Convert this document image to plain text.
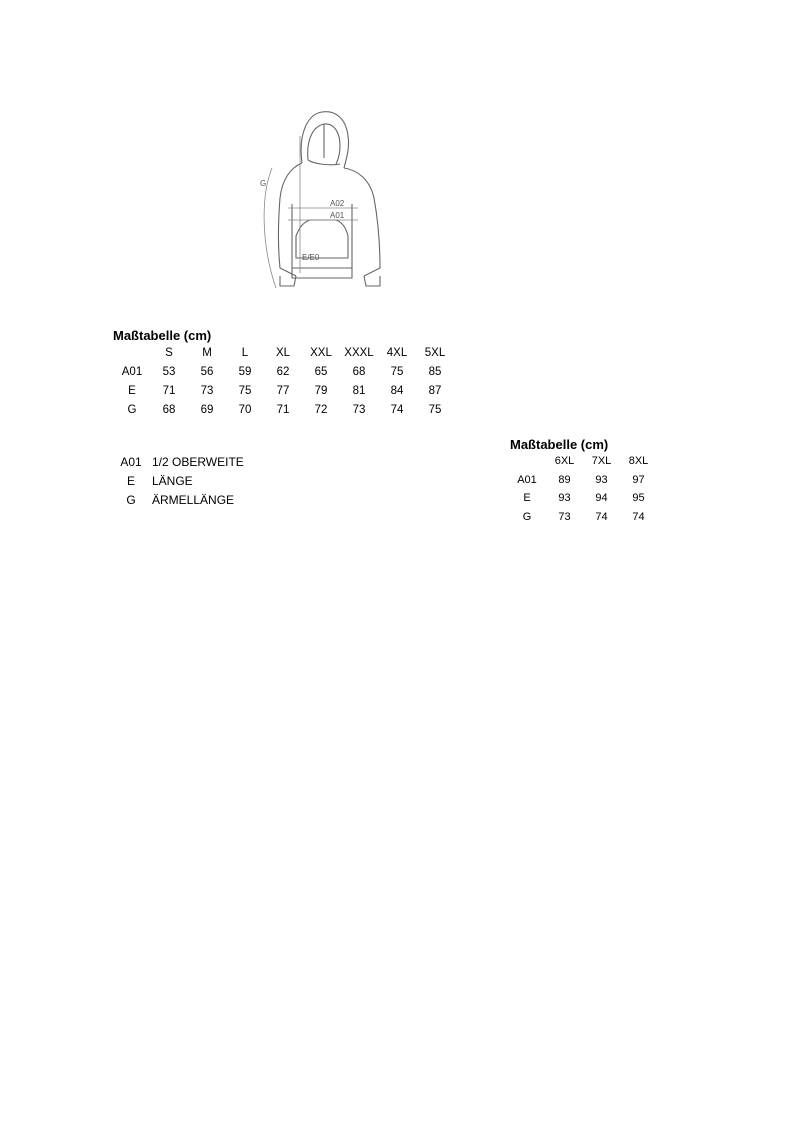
G
A02
A01
E/E0
Maßtabelle (cm)
	S	M	L	XL	XXL	XXXL	4XL	5XL
A01	53	56	59	62	65	68	75	85
E	71	73	75	77	79	81	84	87
G	68	69	70	71	72	73	74	75
A01 1/2 OBERWEITE
E	LÄNGE
G	ÄRMELLÄNGE
Maßtabelle (cm)
	6XL	7XL	8XL
A01	89	93	97
E	93	94	95
G	73	74	74
